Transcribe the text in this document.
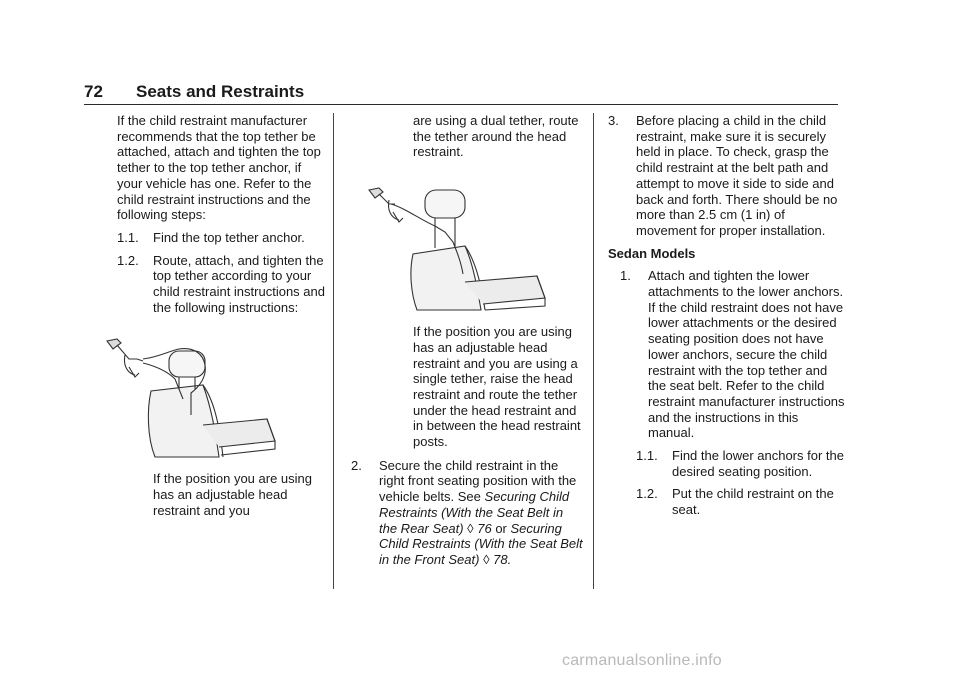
72 Seats and Restraints

If the child restraint manufacturer recommends that the top tether be attached, attach and tighten the top tether to the top tether anchor, if your vehicle has one. Refer to the child restraint instructions and the following steps:

1.1. Find the top tether anchor.
1.2. Route, attach, and tighten the top tether according to your child restraint instructions and the following instructions:

If the position you are using has an adjustable head restraint and you

are using a dual tether, route the tether around the head restraint.

If the position you are using has an adjustable head restraint and you are using a single tether, raise the head restraint and route the tether under the head restraint and in between the head restraint posts.

2. Secure the child restraint in the right front seating position with the vehicle belts. See Securing Child Restraints (With the Seat Belt in the Rear Seat) ◊ 76 or Securing Child Restraints (With the Seat Belt in the Front Seat) ◊ 78.
3. Before placing a child in the child restraint, make sure it is securely held in place. To check, grasp the child restraint at the belt path and attempt to move it side to side and back and forth. There should be no more than 2.5 cm (1 in) of movement for proper installation.
Sedan Models
1. Attach and tighten the lower attachments to the lower anchors. If the child restraint does not have lower attachments or the desired seating position does not have lower anchors, secure the child restraint with the top tether and the seat belt. Refer to the child restraint manufacturer instructions and the instructions in this manual.
1.1. Find the lower anchors for the desired seating position.
1.2. Put the child restraint on the seat.
carmanualsonline.info
